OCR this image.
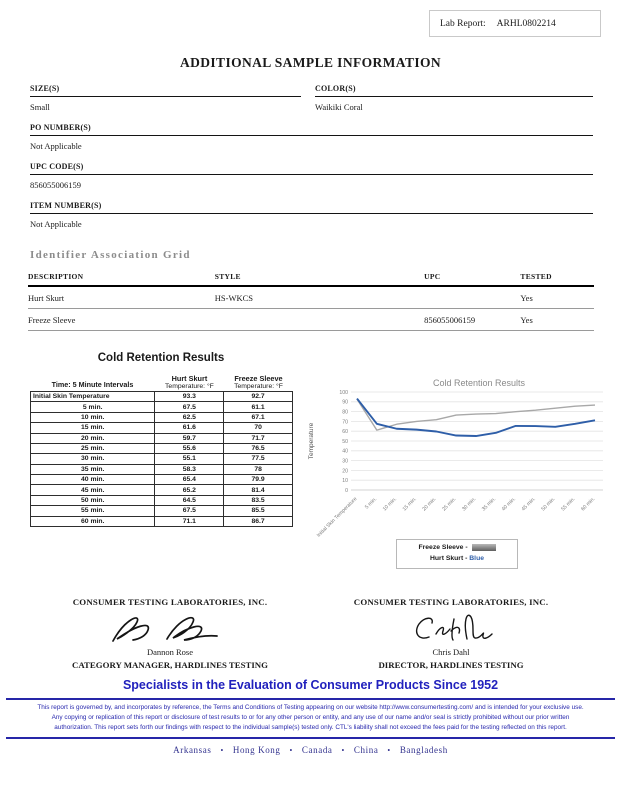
Lab Report: ARHL0802214
ADDITIONAL SAMPLE INFORMATION
SIZE(S)
Small
COLOR(S)
Waikiki Coral
PO NUMBER(S)
Not Applicable
UPC CODE(S)
856055006159
ITEM NUMBER(S)
Not Applicable
Identifier Association Grid
DESCRIPTION	STYLE	UPC	TESTED
Hurt Skurt	HS-WKCS		Yes
Freeze Sleeve		856055006159	Yes
Cold Retention Results
Time: 5 Minute Intervals
Hurt Skurt
Temperature: °F
Freeze Sleeve
Temperature: °F
Initial Skin Temperature	93.3	92.7
5 min.	67.5	61.1
10 min.	62.5	67.1
15 min.	61.6	70
20 min.	59.7	71.7
25 min.	55.6	76.5
30 min.	55.1	77.5
35 min.	58.3	78
40 min.	65.4	79.9
45 min.	65.2	81.4
50 min.	64.5	83.5
55 min.	67.5	85.5
60 min.	71.1	86.7
Cold Retention Results
Temperature
0
10
20
30
40
50
60
70
80
90
100
Initial Skin Temperature 5 min. 10 min. 15 min. 20 min. 25 min. 30 min. 35 min. 40 min. 45 min. 50 min. 55 min. 60 min.
Freeze Sleeve -
Hurt Skurt - Blue
CONSUMER TESTING LABORATORIES, INC.
Dannon Rose
CATEGORY MANAGER, HARDLINES TESTING
CONSUMER TESTING LABORATORIES, INC.
Chris Dahl
DIRECTOR, HARDLINES TESTING
Specialists in the Evaluation of Consumer Products Since 1952
This report is governed by, and incorporates by reference, the Terms and Conditions of Testing appearing on our website http://www.consumertesting.com/ and is intended for your exclusive use. Any copying or replication of this report or disclosure of test results to or for any other person or entity, and any use of our name and/or seal is strictly prohibited without our prior written authorization. This report sets forth our findings with respect to the individual sample(s) tested only. CTL's liability shall not exceed the fees paid for the testing reflected on this report.
Arkansas • Hong Kong • Canada • China • Bangladesh
